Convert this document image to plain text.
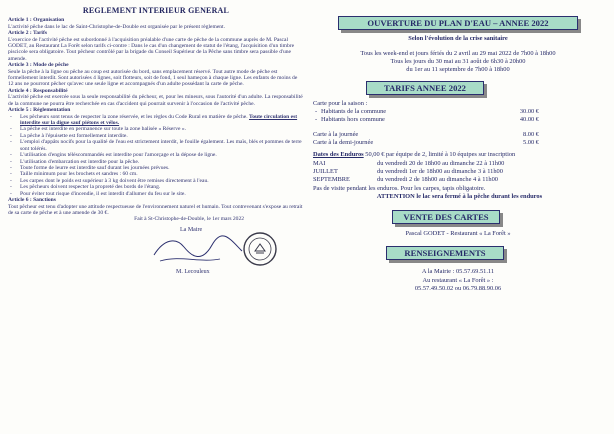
REGLEMENT INTERIEUR GENERAL

Article 1 : Organisation

L'activité pêche dans le lac de Saint-Christophe-de-Double est organisée par le présent règlement.

Article 2 : Tarifs

L'exercice de l'activité pêche est subordonné à l'acquisition préalable d'une carte de pêche de la commune auprès de M. Pascal GODET, au Restaurant La Forêt selon tarifs ci-contre : Dans le cas d'un changement de statut de l'étang, l'acquisition d'un timbre piscicole sera obligatoire. Tout pêcheur contrôlé par la brigade du Conseil Supérieur de la Pêche sans timbre sera passible d'une amende.

Article 3 : Mode de pêche

Seule la pêche à la ligne ou pêche au coup est autorisée du bord, sans emplacement réservé. Tout autre mode de pêche est formellement interdit. Sont autorisées 4 lignes, soit flotteurs, soit de fond, 1 seul hameçon à chaque ligne. Les enfants de moins de 12 ans ne pourront pêcher qu'avec une seule ligne et accompagnés d'un adulte possédant la carte de pêche.

Article 4 : Responsabilité

L'activité pêche est exercée sous la seule responsabilité du pêcheur, et, pour les mineurs, sous l'autorité d'un adulte. La responsabilité de la commune ne pourra être recherchée en cas d'accident qui pourrait survenir à l'occasion de l'activité pêche.

Article 5 : Réglementation

- Les pêcheurs sont tenus de respecter la zone réservée, et les règles du Code Rural en matière de pêche. Toute circulation est interdite sur la digue sauf piétons et vélos.
- La pêche est interdite en permanence sur toute la zone balisée « Réserve ».
- La pêche à l'épuisette est formellement interdite.
- L'emploi d'appâts nocifs pour la qualité de l'eau est strictement interdit, le fouille également. Les maïs, blés et pommes de terre sont tolérés.
- L'utilisation d'engins téléscommandés est interdite pour l'amorçage et la dépose de ligne.
- L'utilisation d'embarcation est interdite pour la pêche.
- Toute forme de leurre est interdite sauf durant les journées prévues.
- Taille minimum pour les brochets et sandres : 60 cm.
- Les carpes dont le poids est supérieur à 3 kg doivent être remises directement à l'eau.
- Les pêcheurs doivent respecter la propreté des bords de l'étang.
- Pour éviter tout risque d'incendie, il est interdit d'allumer du feu sur le site.

Article 6 : Sanctions

Tout pêcheur est tenu d'adopter une attitude respectueuse de l'environnement naturel et humain. Tout contrevenant s'expose au retrait de sa carte de pêche et à une amende de 30 €.

Fait à St-Christophe-de-Double, le 1er mars 2022

La Maire
M. Lecouleux
OUVERTURE DU PLAN D'EAU – ANNEE 2022
Selon l'évolution de la crise sanitaire
Tous les week-end et jours fériés du 2 avril au 29 mai 2022 de 7h00 à 18h00
Tous les jours du 30 mai au 31 août de 6h30 à 20h00
du 1er au 11 septembre de 7h00 à 18h00
TARIFS ANNEE 2022
Carte pour la saison :
- Habitants de la commune	30.00 €
- Habitants hors commune	40.00 €
Carte à la journée	8.00 €
Carte à la demi-journée	5.00 €
Dates des Enduros 50,00 € par équipe de 2, limité à 10 équipes sur inscription
MAI	du vendredi 20 de 18h00 au dimanche 22 à 11h00
JUILLET	du vendredi 1er de 18h00 au dimanche 3 à 11h00
SEPTEMBRE	du vendredi 2 de 18h00 au dimanche 4 à 11h00
Pas de visite pendant les enduros. Pour les carpes, tapis obligatoire.
ATTENTION le lac sera fermé à la pêche durant les enduros
VENTE DES CARTES
Pascal GODET - Restaurant « La Forêt »
RENSEIGNEMENTS
A la Mairie : 05.57.69.51.11
Au restaurant « La Forêt » :
05.57.49.50.02 ou 06.79.88.90.06
